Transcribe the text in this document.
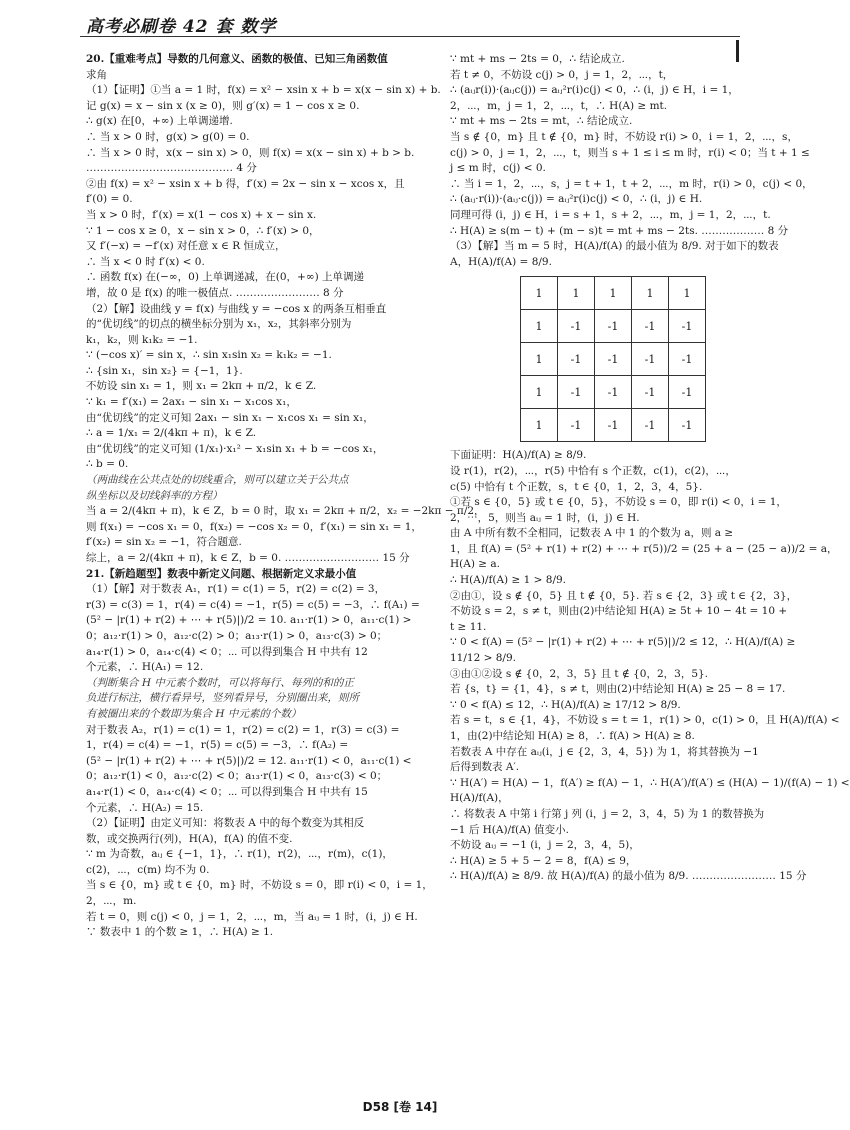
高考必刷卷 42 套 数学

20.【重难考点】导数的几何意义、函数的极值、已知三角函数值

求角

（1）【证明】①当 a = 1 时，f(x) = x² − xsin x + b = x(x − sin x) + b.

记 g(x) = x − sin x (x ≥ 0)，则 g′(x) = 1 − cos x ≥ 0.

∴ g(x) 在[0，+∞) 上单调递增.

∴ 当 x > 0 时，g(x) > g(0) = 0.

∴ 当 x > 0 时，x(x − sin x) > 0，则 f(x) = x(x − sin x) + b > b.

…………………………………… 4 分

②由 f(x) = x² − xsin x + b 得，f′(x) = 2x − sin x − xcos x，且

f′(0) = 0.

当 x > 0 时，f′(x) = x(1 − cos x) + x − sin x.

∵ 1 − cos x ≥ 0，x − sin x > 0，∴ f′(x) > 0，

又 f′(−x) = −f′(x) 对任意 x ∈ R 恒成立，

∴ 当 x < 0 时 f′(x) < 0.

∴ 函数 f(x) 在(−∞，0) 上单调递减，在(0，+∞) 上单调递

增，故 0 是 f(x) 的唯一极值点. …………………… 8 分

（2）【解】设曲线 y = f(x) 与曲线 y = −cos x 的两条互相垂直

的“优切线”的切点的横坐标分别为 x₁，x₂，其斜率分别为

k₁，k₂，则 k₁k₂ = −1.

∵ (−cos x)′ = sin x，∴ sin x₁sin x₂ = k₁k₂ = −1.

∴ {sin x₁，sin x₂} = {−1，1}.

不妨设 sin x₁ = 1，则 x₁ = 2kπ + π/2，k ∈ Z.

∵ k₁ = f′(x₁) = 2ax₁ − sin x₁ − x₁cos x₁，

由“优切线”的定义可知 2ax₁ − sin x₁ − x₁cos x₁ = sin x₁，

∴ a = 1/x₁ = 2/(4kπ + π)，k ∈ Z.

由“优切线”的定义可知 (1/x₁)·x₁² − x₁sin x₁ + b = −cos x₁，

∴ b = 0.

（两曲线在公共点处的切线重合，则可以建立关于公共点

纵坐标以及切线斜率的方程）

当 a = 2/(4kπ + π)，k ∈ Z，b = 0 时，取 x₁ = 2kπ + π/2，x₂ = −2kπ − π/2，

则 f(x₁) = −cos x₁ = 0，f(x₂) = −cos x₂ = 0，f′(x₁) = sin x₁ = 1，

f′(x₂) = sin x₂ = −1，符合题意.

综上，a = 2/(4kπ + π)，k ∈ Z，b = 0. ……………………… 15 分

21.【新趋题型】数表中新定义问题、根据新定义求最小值

（1）【解】对于数表 A₁，r(1) = c(1) = 5，r(2) = c(2) = 3，

r(3) = c(3) = 1，r(4) = c(4) = −1，r(5) = c(5) = −3，∴ f(A₁) =

(5² − |r(1) + r(2) + ⋯ + r(5)|)/2 = 10. a₁₁·r(1) > 0，a₁₁·c(1) >

0；a₁₂·r(1) > 0，a₁₂·c(2) > 0；a₁₃·r(1) > 0，a₁₃·c(3) > 0；

a₁₄·r(1) > 0，a₁₄·c(4) < 0；⋯ 可以得到集合 H 中共有 12

个元素，∴ H(A₁) = 12.

（判断集合 H 中元素个数时，可以将每行、每列的和的正

负进行标注，横行看异号，竖列看异号，分别圈出来，则所

有被圈出来的个数即为集合 H 中元素的个数）

对于数表 A₂，r(1) = c(1) = 1，r(2) = c(2) = 1，r(3) = c(3) =

1，r(4) = c(4) = −1，r(5) = c(5) = −3，∴ f(A₂) =

(5² − |r(1) + r(2) + ⋯ + r(5)|)/2 = 12. a₁₁·r(1) < 0，a₁₁·c(1) <

0；a₁₂·r(1) < 0，a₁₂·c(2) < 0；a₁₃·r(1) < 0，a₁₃·c(3) < 0；

a₁₄·r(1) < 0，a₁₄·c(4) < 0；⋯ 可以得到集合 H 中共有 15

个元素，∴ H(A₂) = 15.

（2）【证明】由定义可知：将数表 A 中的每个数变为其相反

数，或交换两行(列)，H(A)，f(A) 的值不变.

∵ m 为奇数，aᵢⱼ ∈ {−1，1}，∴ r(1)，r(2)，⋯，r(m)，c(1)，

c(2)，⋯，c(m) 均不为 0.

当 s ∈ {0，m} 或 t ∈ {0，m} 时，不妨设 s = 0，即 r(i) < 0，i = 1，

2，⋯，m.

若 t = 0，则 c(j) < 0，j = 1，2，⋯，m，当 aᵢⱼ = 1 时，(i，j) ∈ H.

∵ 数表中 1 的个数 ≥ 1，∴ H(A) ≥ 1.

∵ mt + ms − 2ts = 0，∴ 结论成立.

若 t ≠ 0，不妨设 c(j) > 0，j = 1，2，⋯，t，

∴ (aᵢⱼr(i))·(aᵢⱼc(j)) = aᵢⱼ²r(i)c(j) < 0，∴ (i，j) ∈ H，i = 1，

2，⋯，m，j = 1，2，⋯，t，∴ H(A) ≥ mt.

∵ mt + ms − 2ts = mt，∴ 结论成立.

当 s ∉ {0，m} 且 t ∉ {0，m} 时，不妨设 r(i) > 0，i = 1，2，⋯，s，

c(j) > 0，j = 1，2，⋯，t，则当 s + 1 ≤ i ≤ m 时，r(i) < 0；当 t + 1 ≤

j ≤ m 时，c(j) < 0.

∴ 当 i = 1，2，⋯，s，j = t + 1，t + 2，⋯，m 时，r(i) > 0，c(j) < 0，

∴ (aᵢⱼ·r(i))·(aᵢⱼ·c(j)) = aᵢⱼ²r(i)c(j) < 0，∴ (i，j) ∈ H.

同理可得 (i，j) ∈ H，i = s + 1，s + 2，⋯，m，j = 1，2，⋯，t.

∴ H(A) ≥ s(m − t) + (m − s)t = mt + ms − 2ts. ……………… 8 分

（3）【解】当 m = 5 时，H(A)/f(A) 的最小值为 8/9. 对于如下的数表

A，H(A)/f(A) = 8/9.

1	1	1	1	1
1	-1	-1	-1	-1
1	-1	-1	-1	-1
1	-1	-1	-1	-1
1	-1	-1	-1	-1

下面证明：H(A)/f(A) ≥ 8/9.

设 r(1)，r(2)，⋯，r(5) 中恰有 s 个正数，c(1)，c(2)，⋯，

c(5) 中恰有 t 个正数，s，t ∈ {0，1，2，3，4，5}.

①若 s ∈ {0，5} 或 t ∈ {0，5}，不妨设 s = 0，即 r(i) < 0，i = 1，

2，⋯，5，则当 aᵢⱼ = 1 时，(i，j) ∈ H.

由 A 中所有数不全相同，记数表 A 中 1 的个数为 a，则 a ≥

1，且 f(A) = (5² + r(1) + r(2) + ⋯ + r(5))/2 = (25 + a − (25 − a))/2 = a，

H(A) ≥ a.

∴ H(A)/f(A) ≥ 1 > 8/9.

②由①，设 s ∉ {0，5} 且 t ∉ {0，5}. 若 s ∈ {2，3} 或 t ∈ {2，3}，

不妨设 s = 2，s ≠ t，则由(2)中结论知 H(A) ≥ 5t + 10 − 4t = 10 +

t ≥ 11.

∵ 0 < f(A) = (5² − |r(1) + r(2) + ⋯ + r(5)|)/2 ≤ 12，∴ H(A)/f(A) ≥

11/12 > 8/9.

③由①②设 s ∉ {0，2，3，5} 且 t ∉ {0，2，3，5}.

若 {s，t} = {1，4}，s ≠ t，则由(2)中结论知 H(A) ≥ 25 − 8 = 17.

∵ 0 < f(A) ≤ 12，∴ H(A)/f(A) ≥ 17/12 > 8/9.

若 s = t，s ∈ {1，4}，不妨设 s = t = 1，r(1) > 0，c(1) > 0，且 H(A)/f(A) <

1，由(2)中结论知 H(A) ≥ 8，∴ f(A) > H(A) ≥ 8.

若数表 A 中存在 aᵢⱼ(i，j ∈ {2，3，4，5}) 为 1，将其替换为 −1

后得到数表 A′.

∵ H(A′) = H(A) − 1，f(A′) ≥ f(A) − 1，∴ H(A′)/f(A′) ≤ (H(A) − 1)/(f(A) − 1) <

H(A)/f(A)，

∴ 将数表 A 中第 i 行第 j 列 (i，j = 2，3，4，5) 为 1 的数替换为

−1 后 H(A)/f(A) 值变小.

不妨设 aᵢⱼ = −1 (i，j = 2，3，4，5)，

∴ H(A) ≥ 5 + 5 − 2 = 8，f(A) ≤ 9，

∴ H(A)/f(A) ≥ 8/9. 故 H(A)/f(A) 的最小值为 8/9. …………………… 15 分

D58 [卷 14]
